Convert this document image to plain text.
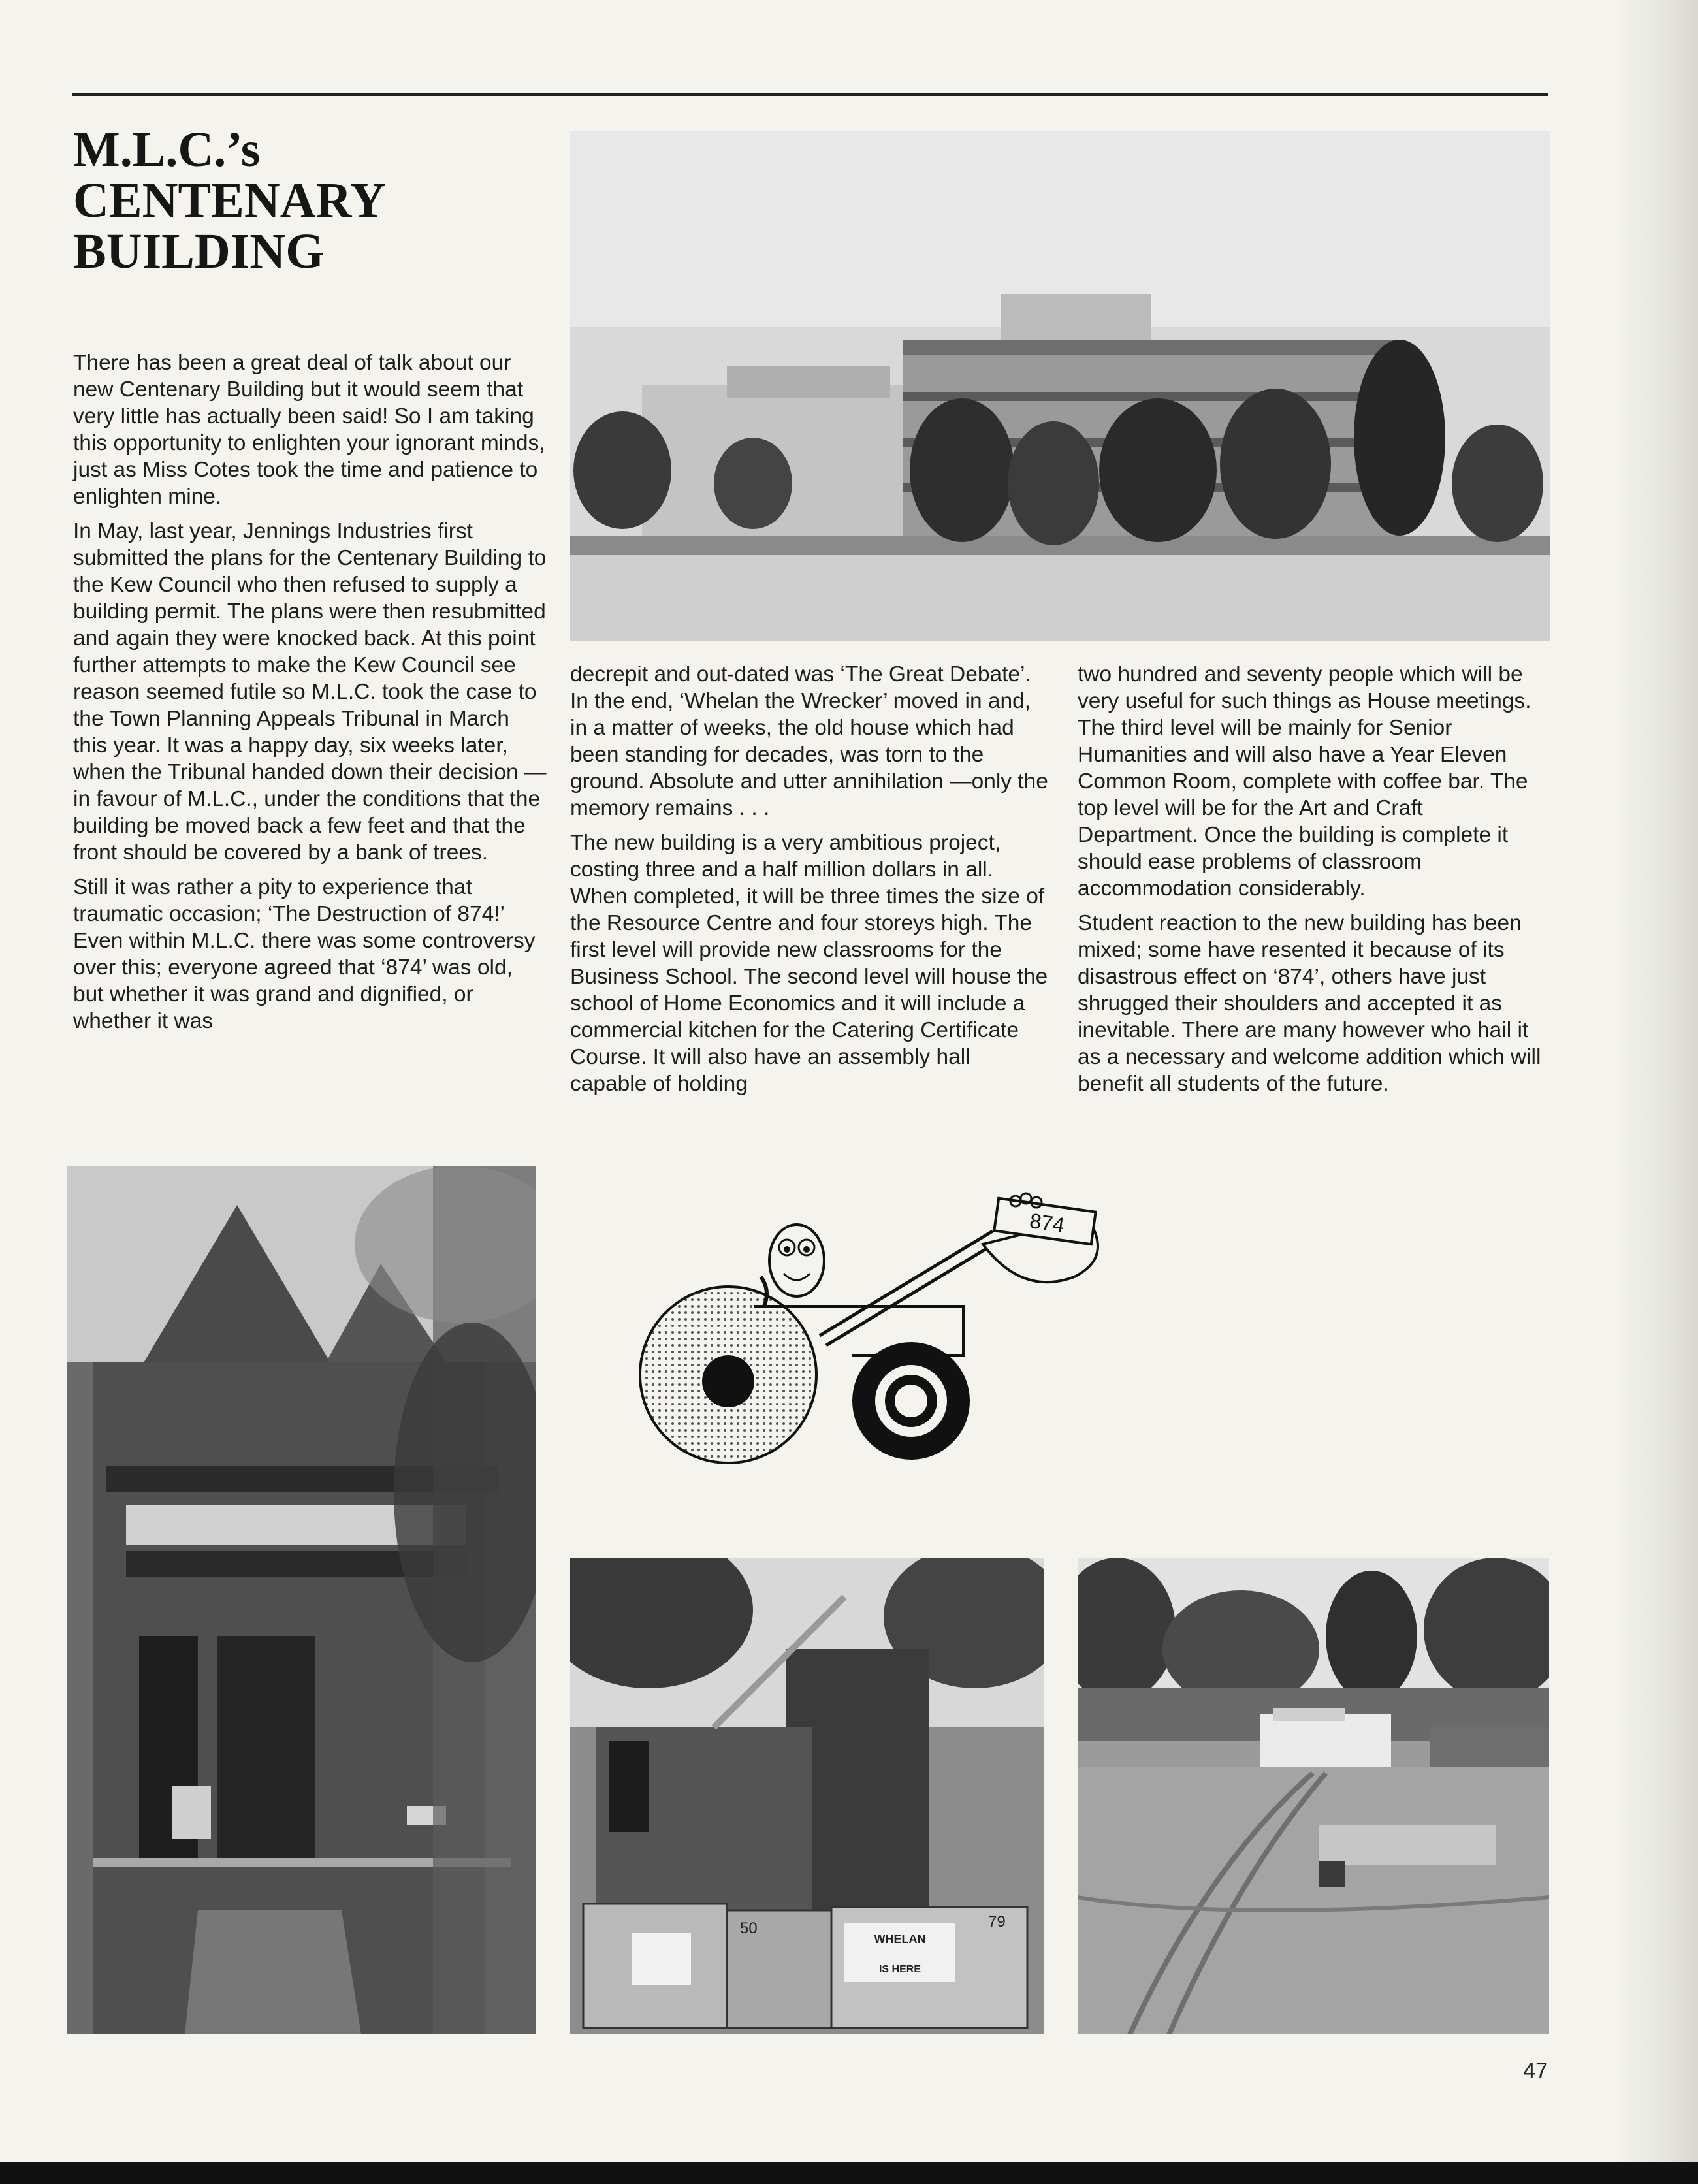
M.L.C.’s
CENTENARY
BUILDING

There has been a great deal of talk about our new Centenary Building but it would seem that very little has actually been said! So I am taking this opportunity to enlighten your ignorant minds, just as Miss Cotes took the time and patience to enlighten mine.

In May, last year, Jennings Industries first submitted the plans for the Centenary Building to the Kew Council who then refused to supply a building permit. The plans were then resubmitted and again they were knocked back. At this point further attempts to make the Kew Council see reason seemed futile so M.L.C. took the case to the Town Planning Appeals Tribunal in March this year. It was a happy day, six weeks later, when the Tribunal handed down their decision — in favour of M.L.C., under the conditions that the building be moved back a few feet and that the front should be covered by a bank of trees.

Still it was rather a pity to experience that traumatic occasion; ‘The Destruction of 874!’ Even within M.L.C. there was some controversy over this; everyone agreed that ‘874’ was old, but whether it was grand and dignified, or whether it was

decrepit and out-dated was ‘The Great Debate’. In the end, ‘Whelan the Wrecker’ moved in and, in a matter of weeks, the old house which had been standing for decades, was torn to the ground. Absolute and utter annihilation —only the memory remains . . .

The new building is a very ambitious project, costing three and a half million dollars in all. When completed, it will be three times the size of the Resource Centre and four storeys high. The first level will provide new classrooms for the Business School. The second level will house the school of Home Economics and it will include a commercial kitchen for the Catering Certificate Course. It will also have an assembly hall capable of holding

two hundred and seventy people which will be very useful for such things as House meetings. The third level will be mainly for Senior Humanities and will also have a Year Eleven Common Room, complete with coffee bar. The top level will be for the Art and Craft Department. Once the building is complete it should ease problems of classroom accommodation considerably.

Student reaction to the new building has been mixed; some have resented it because of its disastrous effect on ‘874’, others have just shrugged their shoulders and accepted it as inevitable. There are many however who hail it as a necessary and welcome addition which will benefit all students of the future.

874
WHELAN
IS HERE
50	79
47
